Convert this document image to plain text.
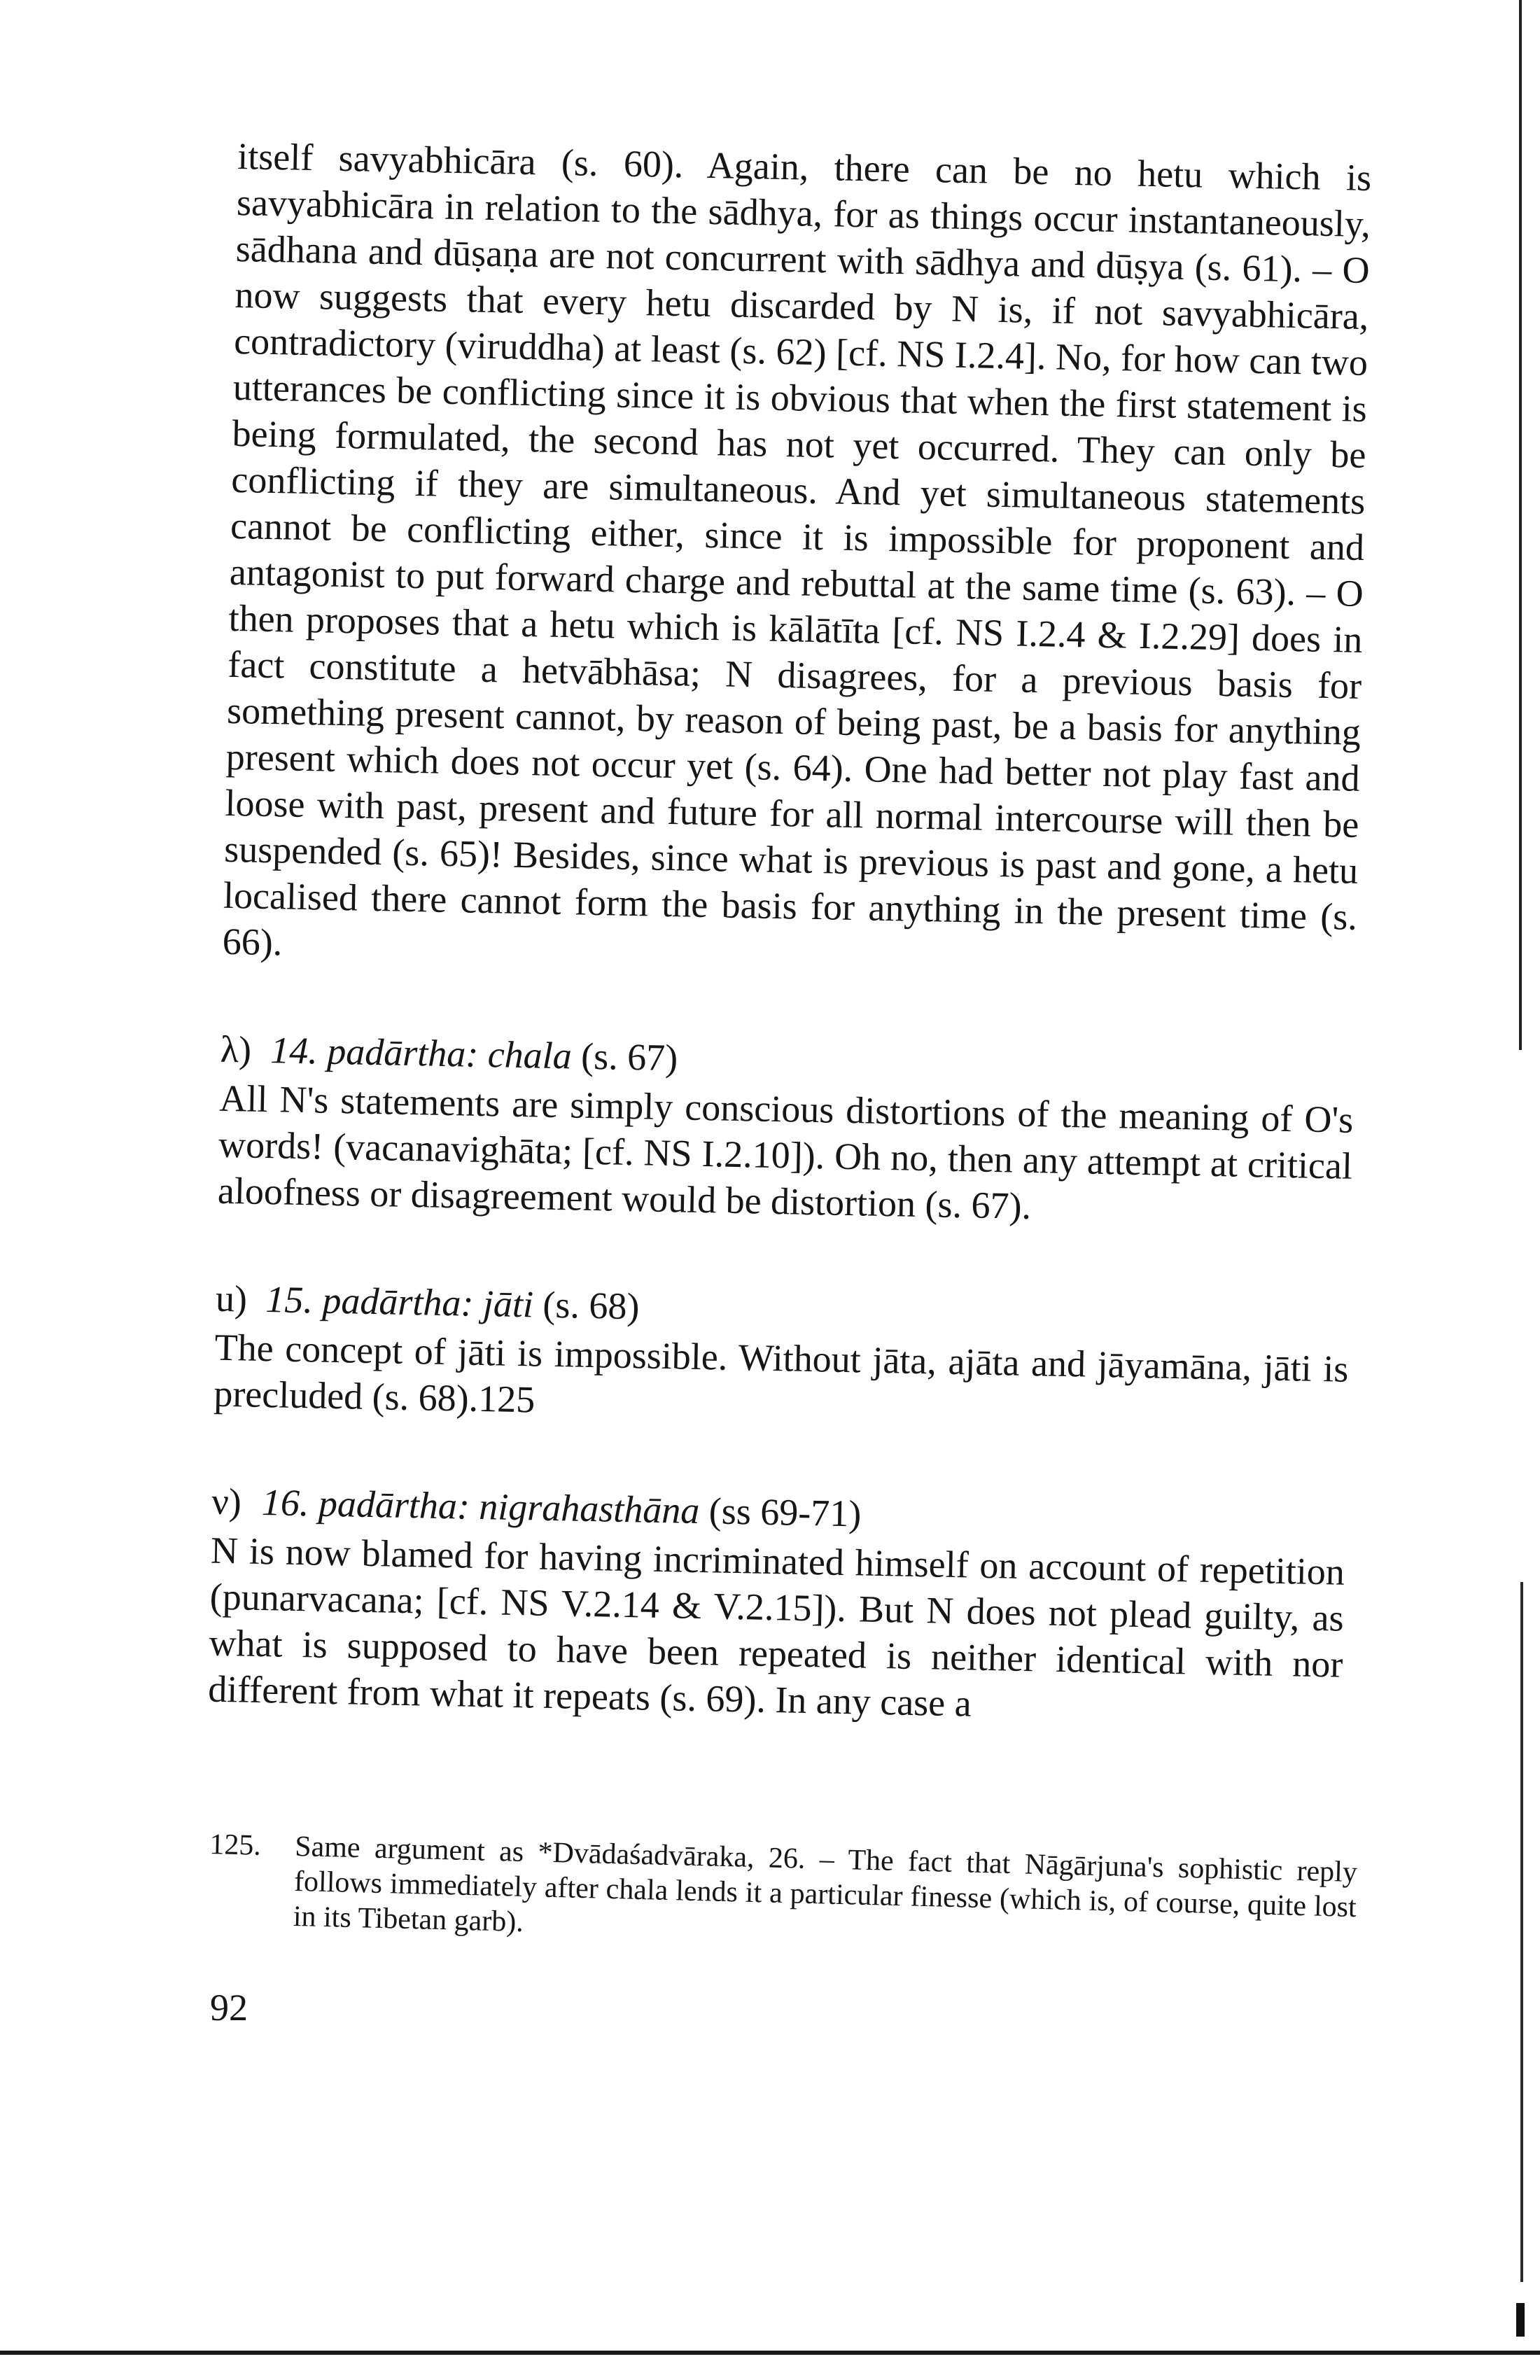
itself savyabhicāra (s. 60). Again, there can be no hetu which is savyabhicāra in relation to the sādhya, for as things occur instantaneously, sādhana and dūṣaṇa are not concurrent with sādhya and dūṣya (s. 61). – O now suggests that every hetu discarded by N is, if not savyabhicāra, contradictory (viruddha) at least (s. 62) [cf. NS I.2.4]. No, for how can two utterances be conflicting since it is obvious that when the first statement is being formulated, the second has not yet occurred. They can only be conflicting if they are simultaneous. And yet simultaneous statements cannot be conflicting either, since it is impossible for proponent and antagonist to put forward charge and rebuttal at the same time (s. 63). – O then proposes that a hetu which is kālātīta [cf. NS I.2.4 & I.2.29] does in fact constitute a hetvābhāsa; N disagrees, for a previous basis for something present cannot, by reason of being past, be a basis for anything present which does not occur yet (s. 64). One had better not play fast and loose with past, present and future for all normal intercourse will then be suspended (s. 65)! Besides, since what is previous is past and gone, a hetu localised there cannot form the basis for anything in the present time (s. 66).

λ) 14. padārtha: chala (s. 67)

All N's statements are simply conscious distortions of the meaning of O's words! (vacanavighāta; [cf. NS I.2.10]). Oh no, then any attempt at critical aloofness or disagreement would be distortion (s. 67).

u) 15. padārtha: jāti (s. 68)

The concept of jāti is impossible. Without jāta, ajāta and jāyamāna, jāti is precluded (s. 68).125

ν) 16. padārtha: nigrahasthāna (ss 69-71)

N is now blamed for having incriminated himself on account of repetition (punarvacana; [cf. NS V.2.14 & V.2.15]). But N does not plead guilty, as what is supposed to have been repeated is neither identical with nor different from what it repeats (s. 69). In any case a

125. Same argument as *Dvādaśadvāraka, 26. – The fact that Nāgārjuna's sophistic reply follows immediately after chala lends it a particular finesse (which is, of course, quite lost in its Tibetan garb).
92
